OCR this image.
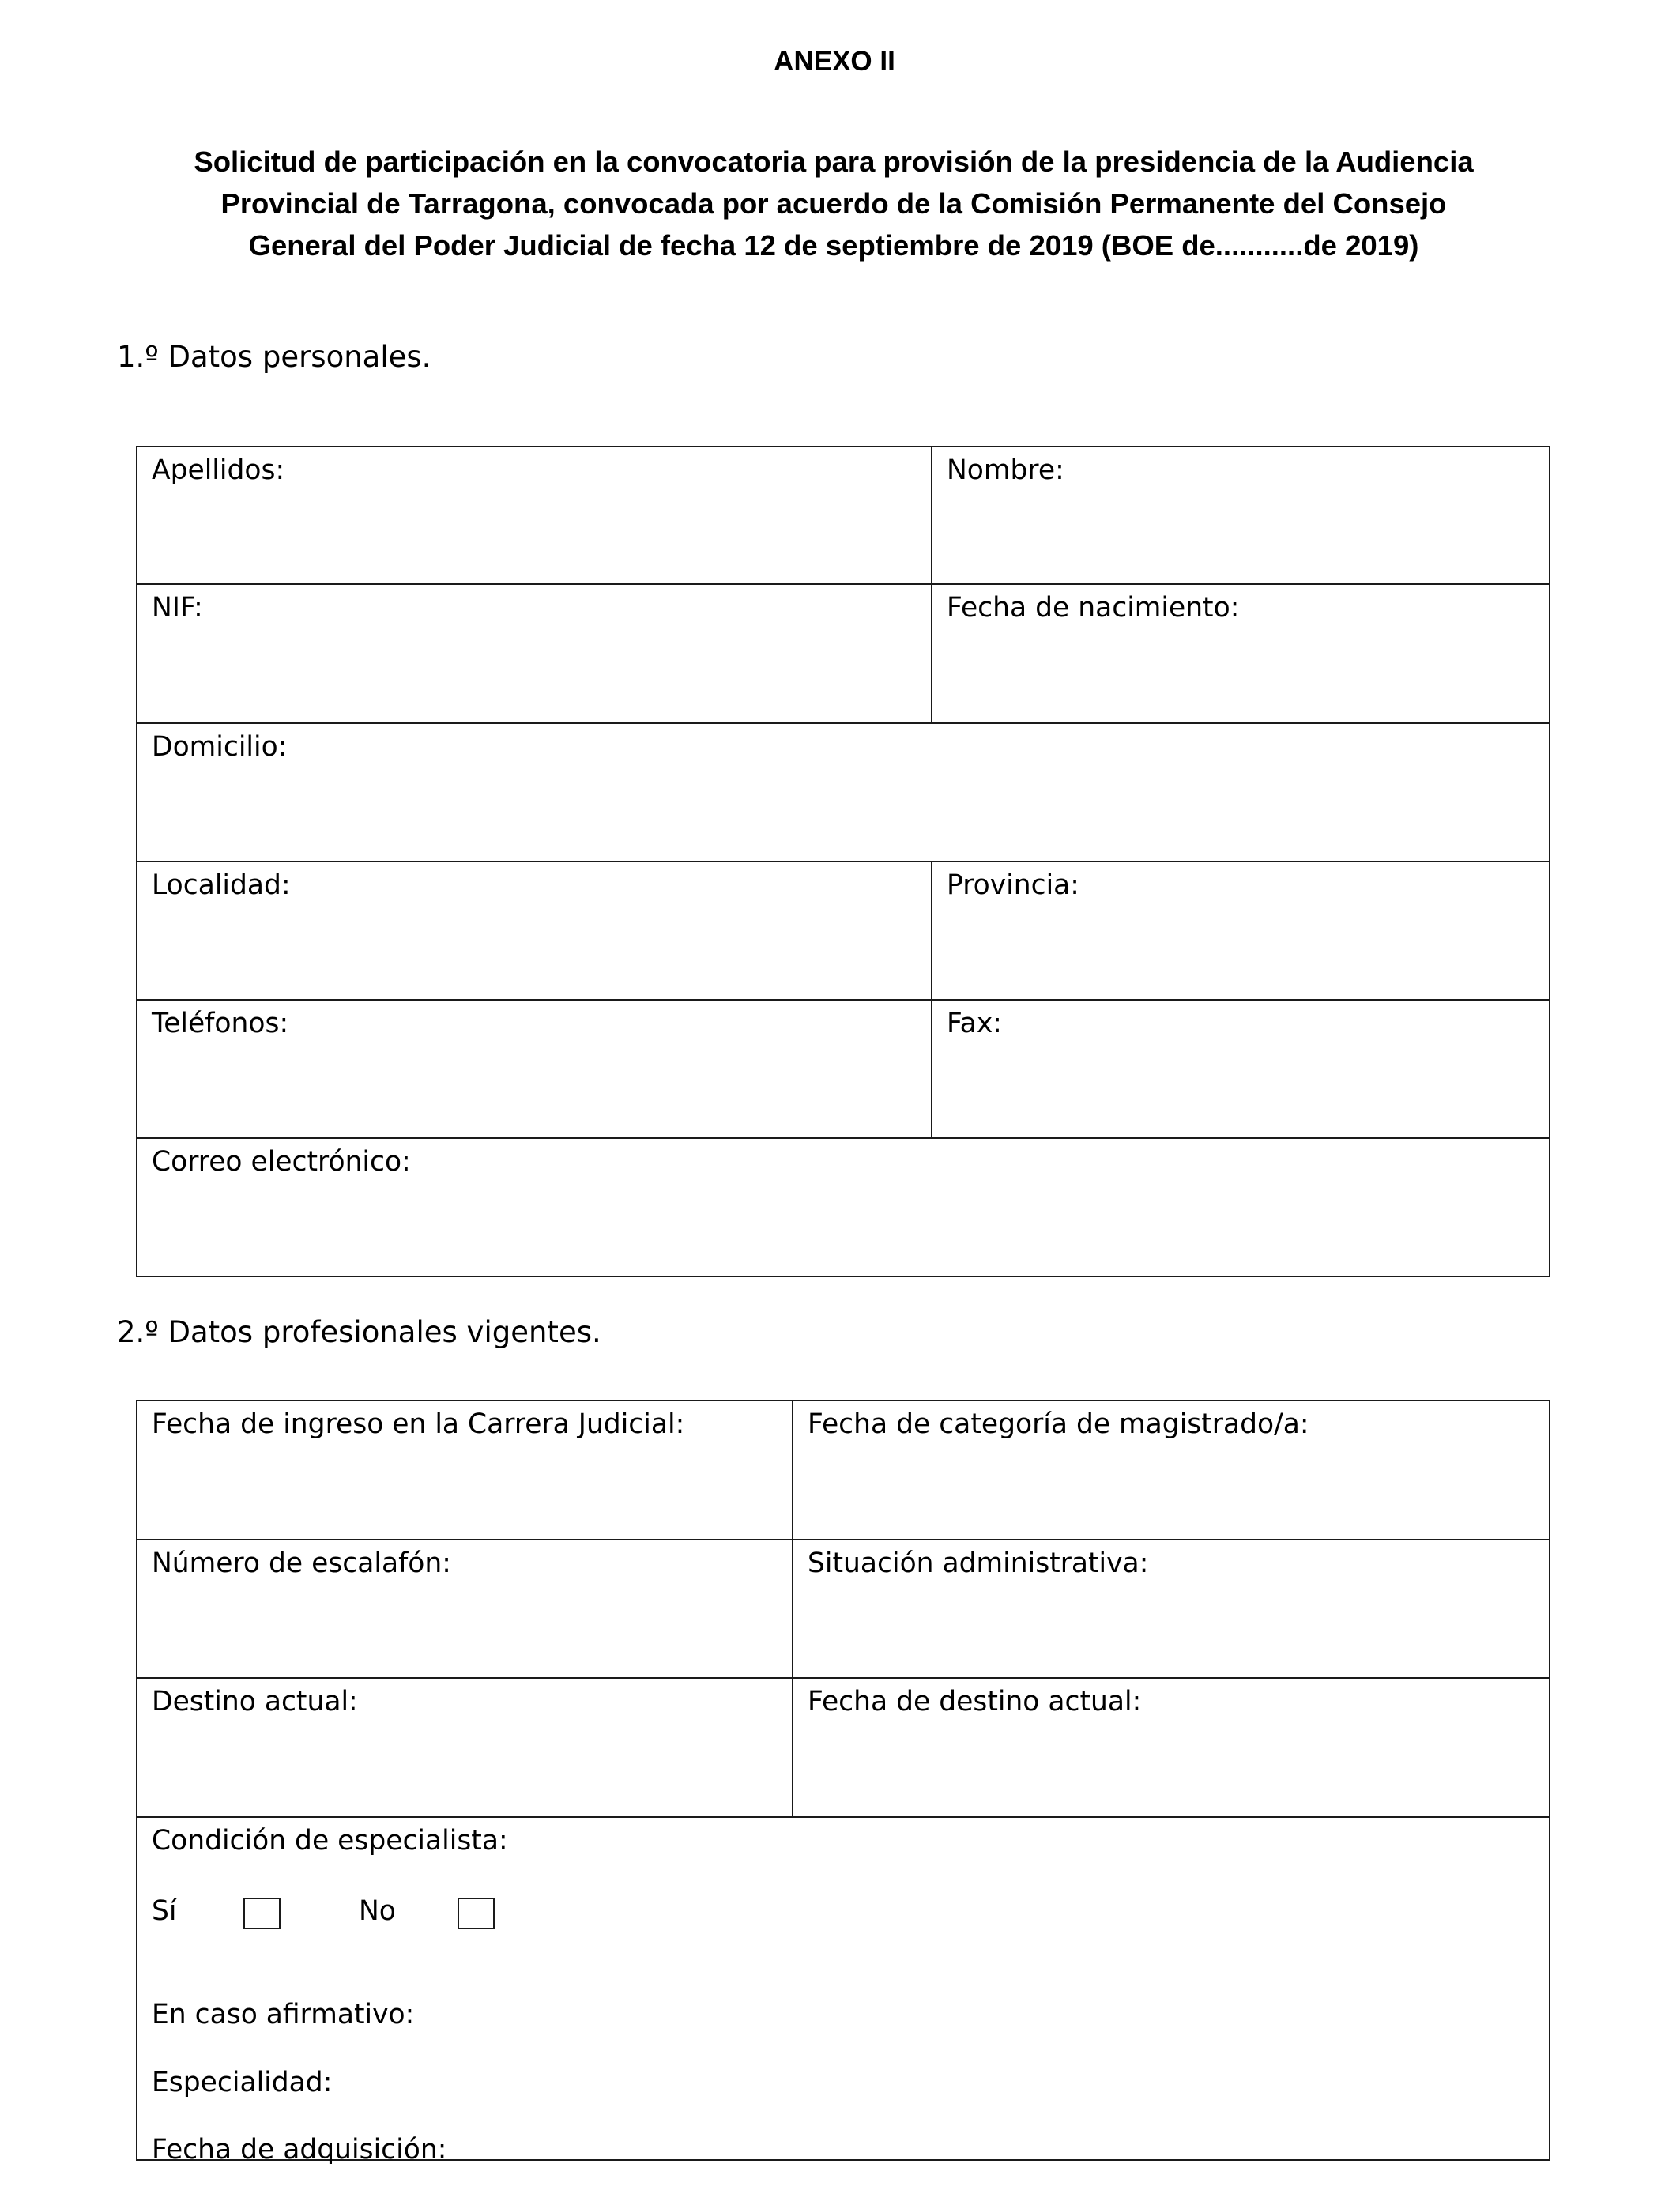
ANEXO II
Solicitud de participación en la convocatoria para provisión de la presidencia de la Audiencia
Provincial de Tarragona, convocada por acuerdo de la Comisión Permanente del Consejo
General del Poder Judicial de fecha 12 de septiembre de 2019 (BOE de...........de 2019)
1.º Datos personales.
Apellidos:	Nombre:
NIF:	Fecha de nacimiento:
Domicilio:
Localidad:	Provincia:
Teléfonos:	Fax:
Correo electrónico:
2.º Datos profesionales vigentes.
Fecha de ingreso en la Carrera Judicial:	Fecha de categoría de magistrado/a:
Número de escalafón:	Situación administrativa:
Destino actual:	Fecha de destino actual:
Condición de especialista:
Sí	No
En caso afirmativo:
Especialidad:
Fecha de adquisición:
